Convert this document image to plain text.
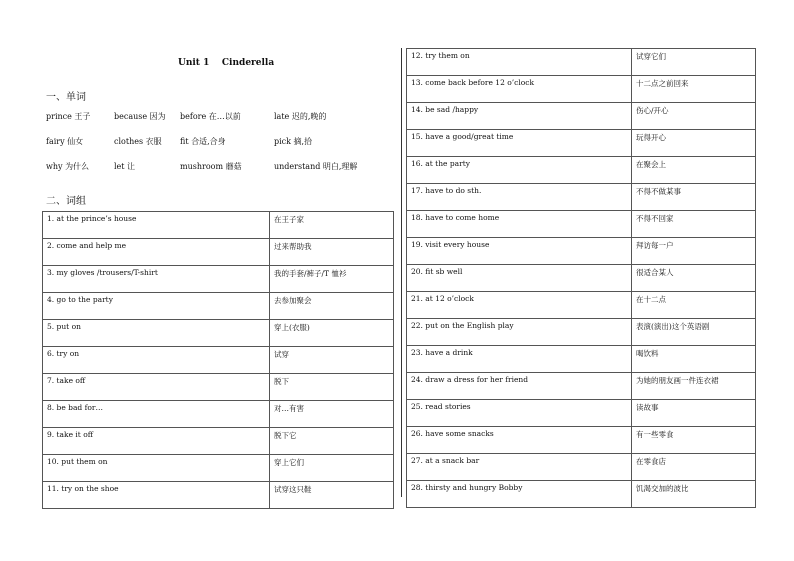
Unit 1    Cinderella
一、单词
prince 王子	because 因为 before 在…以前	late 迟的,晚的
fairy 仙女	clothes 衣服 fit 合适,合身	pick 摘,拾
why 为什么	let 让	mushroom 蘑菇	understand 明白,理解
二、词组
1. at the prince’s house	在王子家
2. come and help me	过来帮助我
3. my gloves /trousers/T-shirt	我的手套/裤子/T 恤衫
4. go to the party	去参加聚会
5. put on	穿上(衣服)
6. try on	试穿
7. take off	脱下
8. be bad for…	对…有害
9. take it off	脱下它
10. put them on	穿上它们
11. try on the shoe	试穿这只鞋
12. try them on	试穿它们
13. come back before 12 o’clock	十二点之前回来
14. be sad /happy	伤心/开心
15. have a good/great time	玩得开心
16. at the party	在聚会上
17. have to do sth.	不得不做某事
18. have to come home	不得不回家
19. visit every house	拜访每一户
20. fit sb well	很适合某人
21. at 12 o’clock	在十二点
22. put on the English play	表演(演出)这个英语剧
23. have a drink	喝饮料
24. draw a dress for her friend	为她的朋友画一件连衣裙
25. read stories	读故事
26. have some snacks	有一些零食
27. at a snack bar	在零食店
28. thirsty and hungry Bobby	饥渴交加的波比
